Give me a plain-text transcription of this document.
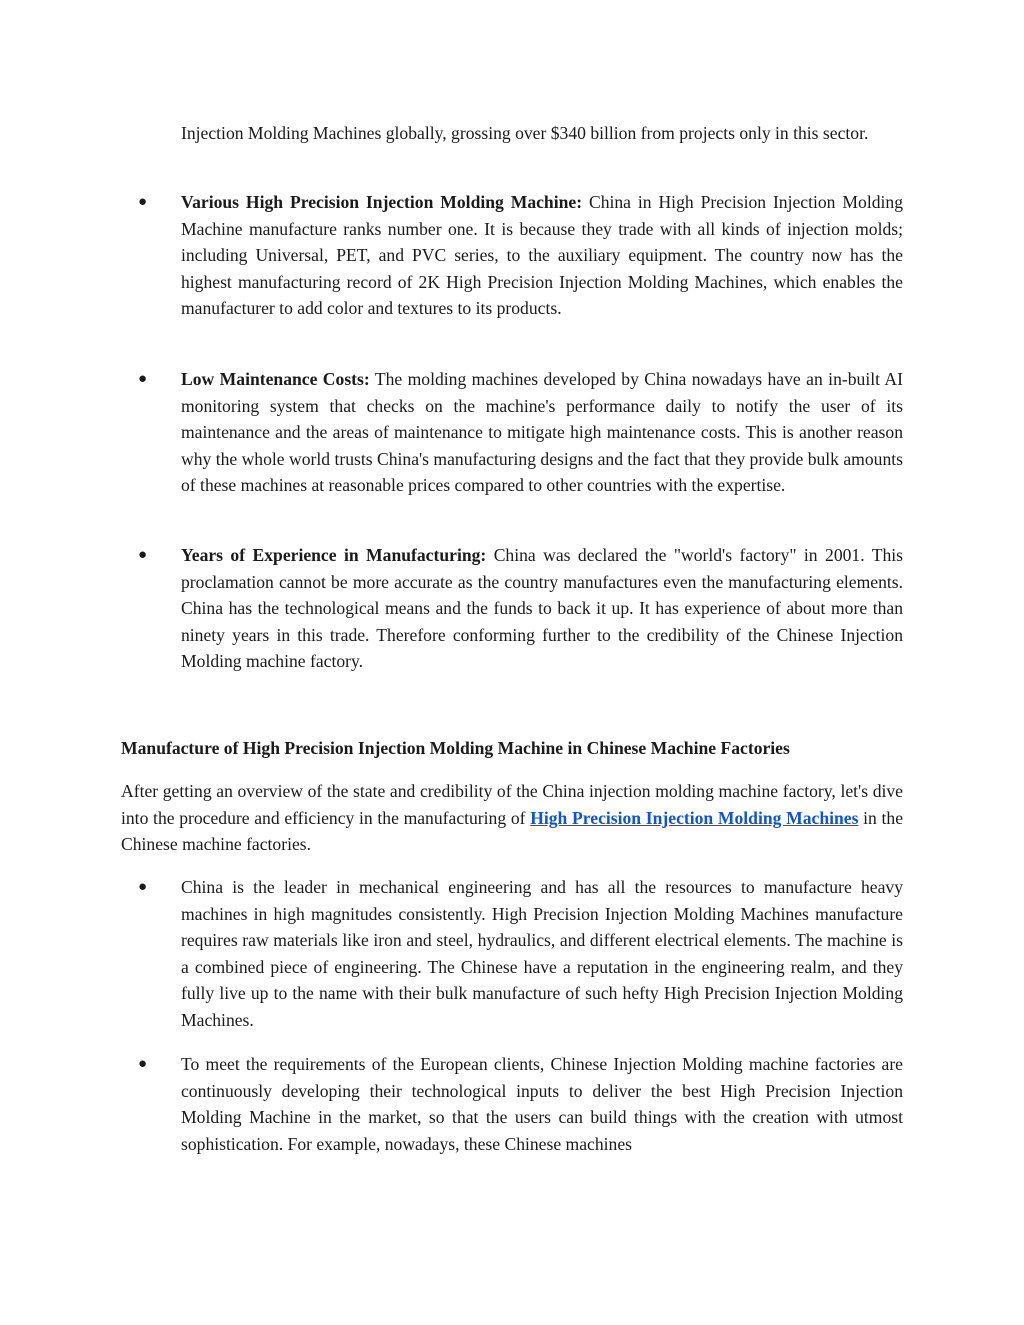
Injection Molding Machines globally, grossing over $340 billion from projects only in this sector.

● Various High Precision Injection Molding Machine: China in High Precision Injection Molding Machine manufacture ranks number one. It is because they trade with all kinds of injection molds; including Universal, PET, and PVC series, to the auxiliary equipment. The country now has the highest manufacturing record of 2K High Precision Injection Molding Machines, which enables the manufacturer to add color and textures to its products.

● Low Maintenance Costs: The molding machines developed by China nowadays have an in-built AI monitoring system that checks on the machine's performance daily to notify the user of its maintenance and the areas of maintenance to mitigate high maintenance costs. This is another reason why the whole world trusts China's manufacturing designs and the fact that they provide bulk amounts of these machines at reasonable prices compared to other countries with the expertise.

● Years of Experience in Manufacturing: China was declared the "world's factory" in 2001. This proclamation cannot be more accurate as the country manufactures even the manufacturing elements. China has the technological means and the funds to back it up. It has experience of about more than ninety years in this trade. Therefore conforming further to the credibility of the Chinese Injection Molding machine factory.

Manufacture of High Precision Injection Molding Machine in Chinese Machine Factories

After getting an overview of the state and credibility of the China injection molding machine factory, let's dive into the procedure and efficiency in the manufacturing of High Precision Injection Molding Machines in the Chinese machine factories.

● China is the leader in mechanical engineering and has all the resources to manufacture heavy machines in high magnitudes consistently. High Precision Injection Molding Machines manufacture requires raw materials like iron and steel, hydraulics, and different electrical elements. The machine is a combined piece of engineering. The Chinese have a reputation in the engineering realm, and they fully live up to the name with their bulk manufacture of such hefty High Precision Injection Molding Machines.

● To meet the requirements of the European clients, Chinese Injection Molding machine factories are continuously developing their technological inputs to deliver the best High Precision Injection Molding Machine in the market, so that the users can build things with the creation with utmost sophistication. For example, nowadays, these Chinese machines
